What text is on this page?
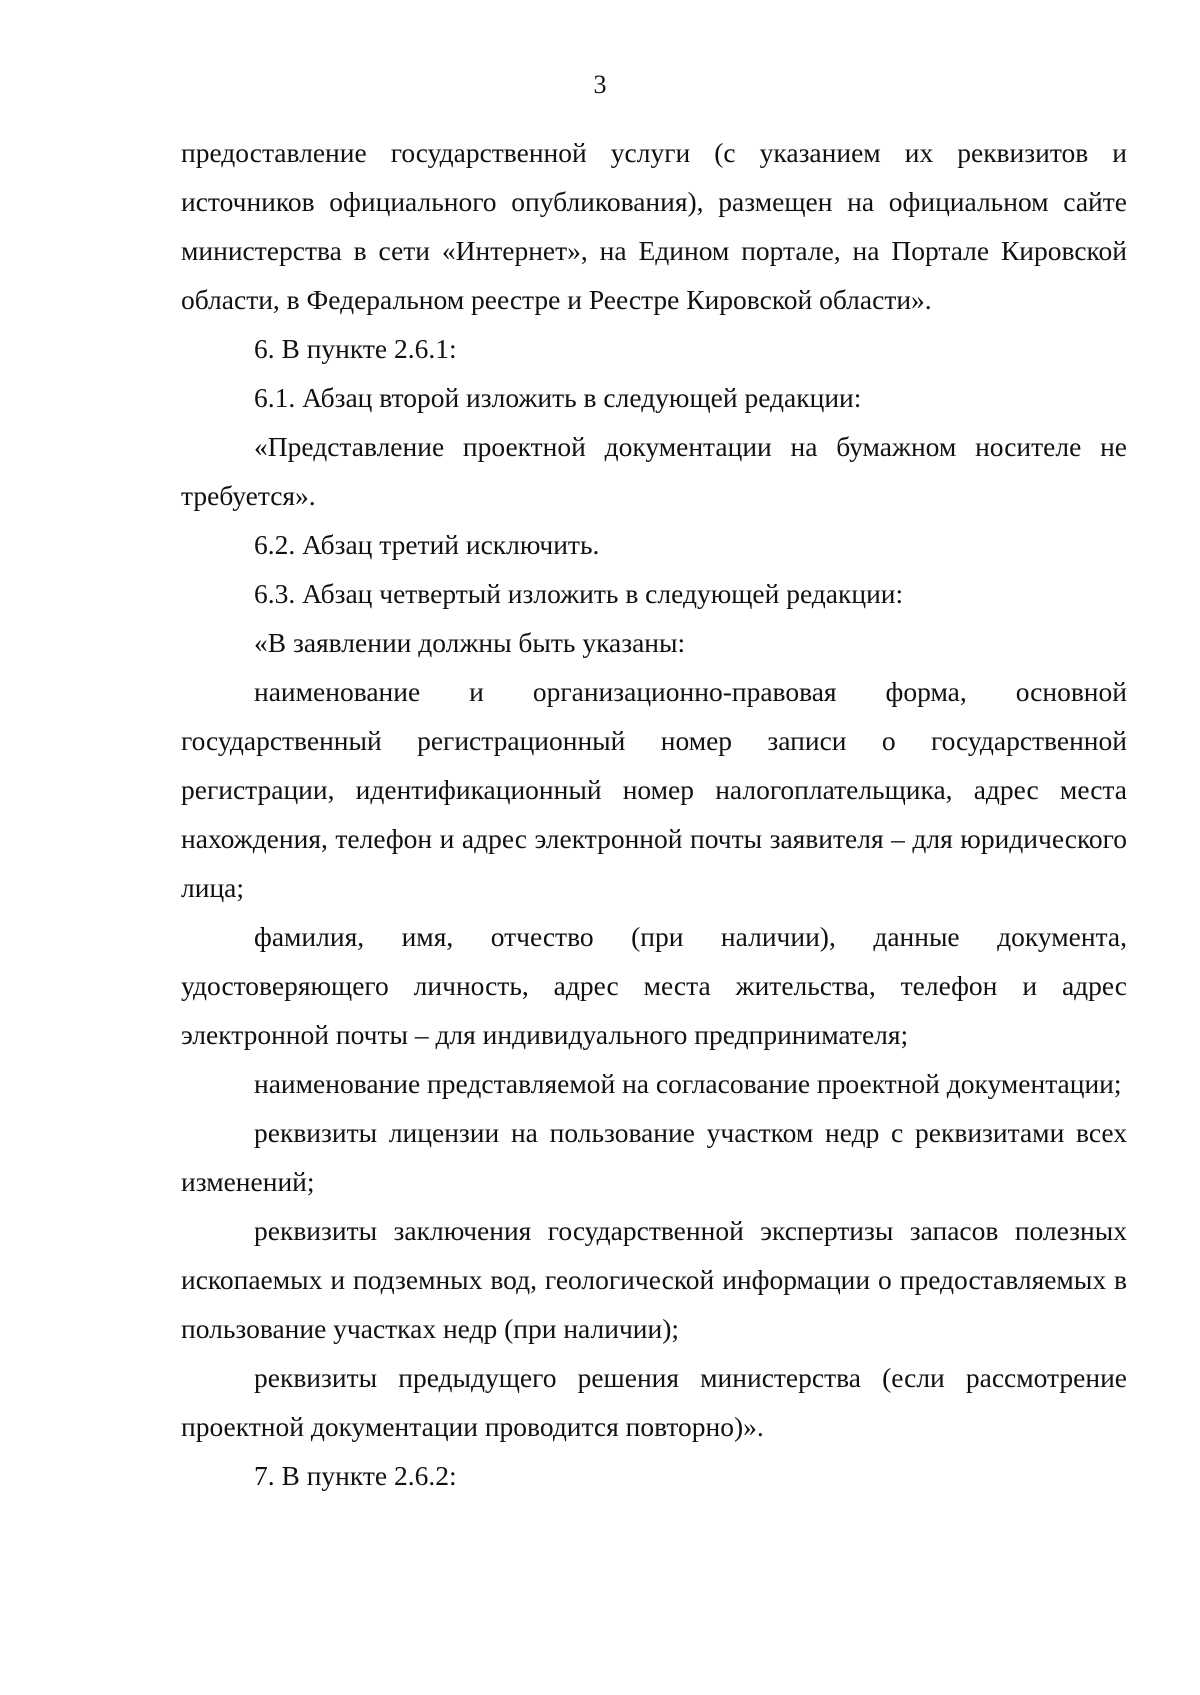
3

предоставление государственной услуги (с указанием их реквизитов и источников официального опубликования), размещен на официальном сайте министерства в сети «Интернет», на Едином портале, на Портале Кировской области, в Федеральном реестре и Реестре Кировской области».

6. В пункте 2.6.1:

6.1. Абзац второй изложить в следующей редакции:

«Представление проектной документации на бумажном носителе не требуется».

6.2. Абзац третий исключить.

6.3. Абзац четвертый изложить в следующей редакции:

«В заявлении должны быть указаны:

наименование и организационно-правовая форма, основной государственный регистрационный номер записи о государственной регистрации, идентификационный номер налогоплательщика, адрес места нахождения, телефон и адрес электронной почты заявителя – для юридического лица;

фамилия, имя, отчество (при наличии), данные документа, удостоверяющего личность, адрес места жительства, телефон и адрес электронной почты – для индивидуального предпринимателя;

наименование представляемой на согласование проектной документации;

реквизиты лицензии на пользование участком недр с реквизитами всех изменений;

реквизиты заключения государственной экспертизы запасов полезных ископаемых и подземных вод, геологической информации о предоставляемых в пользование участках недр (при наличии);

реквизиты предыдущего решения министерства (если рассмотрение проектной документации проводится повторно)».

7. В пункте 2.6.2:
